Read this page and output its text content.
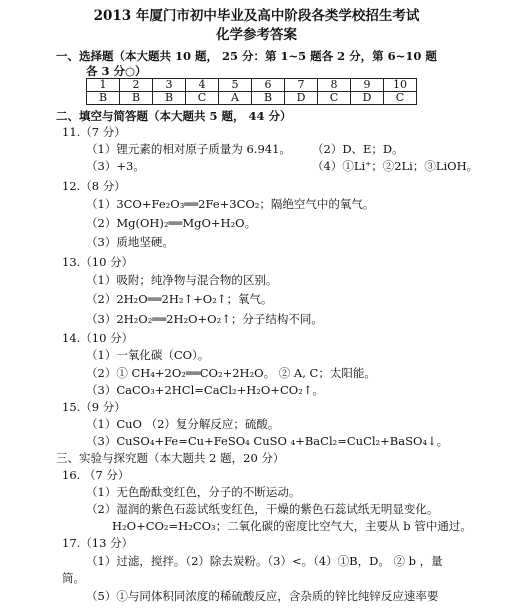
2013 年厦门市初中毕业及高中阶段各类学校招生考试
化学参考答案
一、选择题（本大题共 10 题， 25 分：第 1~5 题各 2 分，第 6~10 题
各 3 分○）
1	2	3	4	5	6	7	8	9	10
B	B	B	C	A	B	D	C	D	C
二、填空与简答题（本大题共 5 题， 44 分）
11.（7 分）
（1）锂元素的相对原子质量为 6.941。 （2）D、E；D。
（3）+3。	（4）①Li⁺；②2Li；③LiOH。
12.（8 分）
（1）3CO+Fe₂O₃══2Fe+3CO₂；隔绝空气中的氧气。
（2）Mg(OH)₂══MgO+H₂O。
（3）质地坚硬。
13.（10 分）
（1）吸附；纯净物与混合物的区别。
（2）2H₂O══2H₂↑+O₂↑；氧气。
（3）2H₂O₂══2H₂O+O₂↑；分子结构不同。
14.（10 分）
（1）一氧化碳（CO）。
（2）① CH₄+2O₂══CO₂+2H₂O。 ② A, C；太阳能。
（3）CaCO₃+2HCl=CaCl₂+H₂O+CO₂↑。
15.（9 分）
（1）CuO （2）复分解反应；硫酸。
（3）CuSO₄+Fe=Cu+FeSO₄ CuSO ₄+BaCl₂=CuCl₂+BaSO₄↓。
三、实验与探究题（本大题共 2 题，20 分）
16. （7 分）
（1）无色酚酞变红色，分子的不断运动。
（2）湿润的紫色石蕊试纸变红色，干燥的紫色石蕊试纸无明显变化。
H₂O+CO₂=H₂CO₃；二氧化碳的密度比空气大，主要从 b 管中通过。
17.（13 分）
（1）过滤，搅拌。（2）除去炭粉。（3）<。（4）①B，D。 ② b ，量
筒。
（5）①与同体积同浓度的稀硫酸反应，含杂质的锌比纯锌反应速率要
